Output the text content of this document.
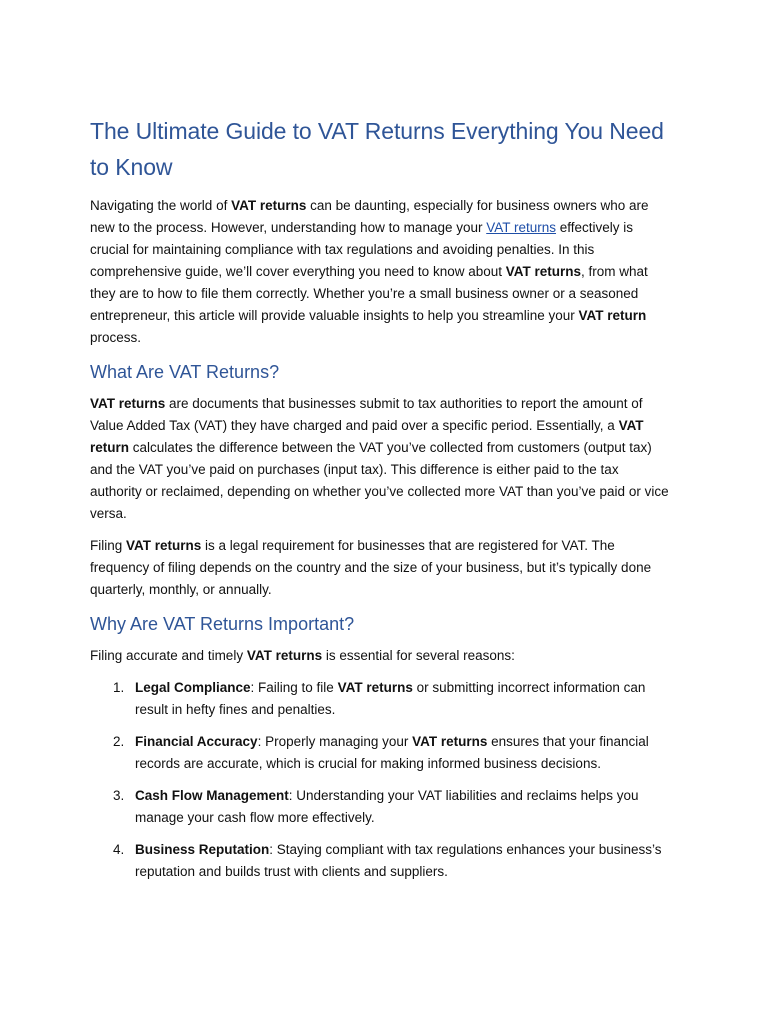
The Ultimate Guide to VAT Returns Everything You Need to Know

Navigating the world of VAT returns can be daunting, especially for business owners who are new to the process. However, understanding how to manage your VAT returns effectively is crucial for maintaining compliance with tax regulations and avoiding penalties. In this comprehensive guide, we’ll cover everything you need to know about VAT returns, from what they are to how to file them correctly. Whether you’re a small business owner or a seasoned entrepreneur, this article will provide valuable insights to help you streamline your VAT return process.

What Are VAT Returns?

VAT returns are documents that businesses submit to tax authorities to report the amount of Value Added Tax (VAT) they have charged and paid over a specific period. Essentially, a VAT return calculates the difference between the VAT you’ve collected from customers (output tax) and the VAT you’ve paid on purchases (input tax). This difference is either paid to the tax authority or reclaimed, depending on whether you’ve collected more VAT than you’ve paid or vice versa.

Filing VAT returns is a legal requirement for businesses that are registered for VAT. The frequency of filing depends on the country and the size of your business, but it’s typically done quarterly, monthly, or annually.

Why Are VAT Returns Important?

Filing accurate and timely VAT returns is essential for several reasons:

1. Legal Compliance: Failing to file VAT returns or submitting incorrect information can result in hefty fines and penalties.
2. Financial Accuracy: Properly managing your VAT returns ensures that your financial records are accurate, which is crucial for making informed business decisions.
3. Cash Flow Management: Understanding your VAT liabilities and reclaims helps you manage your cash flow more effectively.
4. Business Reputation: Staying compliant with tax regulations enhances your business’s reputation and builds trust with clients and suppliers.
